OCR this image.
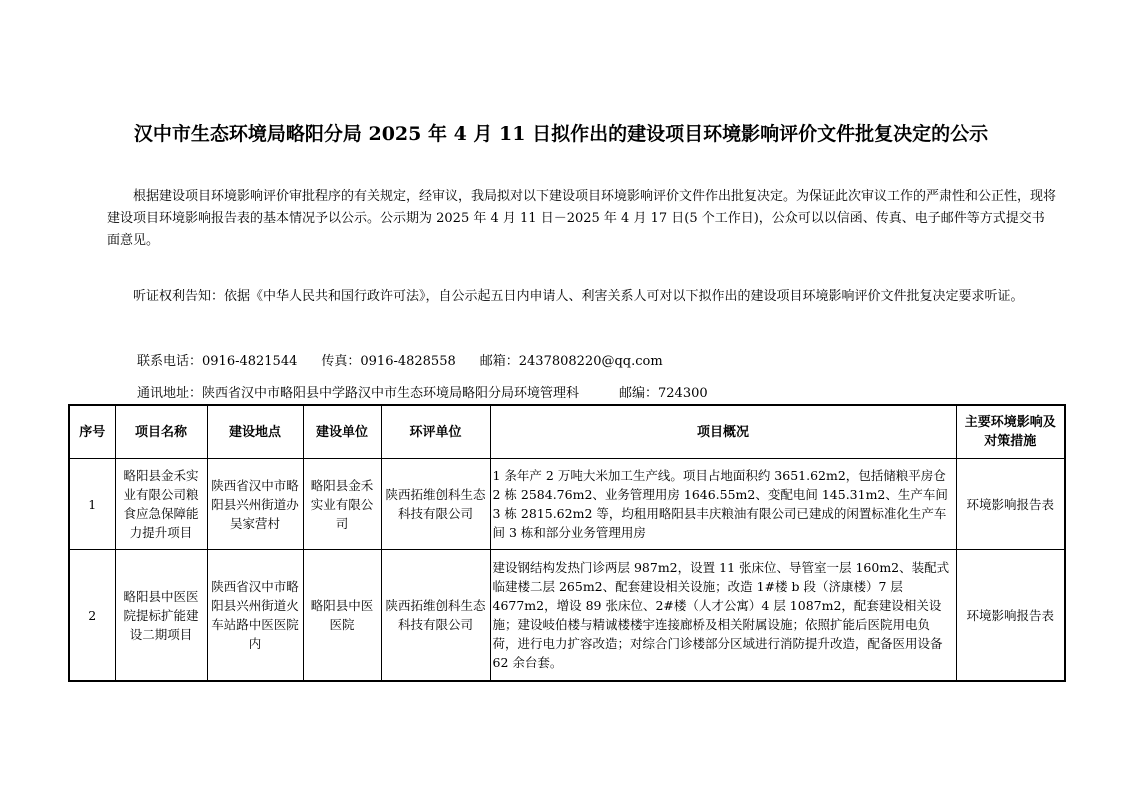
汉中市生态环境局略阳分局 2025 年 4 月 11 日拟作出的建设项目环境影响评价文件批复决定的公示
根据建设项目环境影响评价审批程序的有关规定，经审议，我局拟对以下建设项目环境影响评价文件作出批复决定。为保证此次审议工作的严肃性和公正性，现将建设项目环境影响报告表的基本情况予以公示。公示期为 2025 年 4 月 11 日－2025 年 4 月 17 日(5 个工作日)，公众可以以信函、传真、电子邮件等方式提交书面意见。
听证权利告知：依据《中华人民共和国行政许可法》，自公示起五日内申请人、利害关系人可对以下拟作出的建设项目环境影响评价文件批复决定要求听证。
联系电话：0916-4821544 传真：0916-4828558 邮箱：2437808220@qq.com
通讯地址：陕西省汉中市略阳县中学路汉中市生态环境局略阳分局环境管理科	邮编：724300
序号	项目名称	建设地点	建设单位	环评单位	项目概况	主要环境影响及对策措施
1	略阳县金禾实业有限公司粮食应急保障能力提升项目	陕西省汉中市略阳县兴州街道办吴家营村	略阳县金禾实业有限公司	陕西拓维创科生态科技有限公司	1 条年产 2 万吨大米加工生产线。项目占地面积约 3651.62m2，包括储粮平房仓 2 栋 2584.76m2、业务管理用房 1646.55m2、变配电间 145.31m2、生产车间 3 栋 2815.62m2 等，均租用略阳县丰庆粮油有限公司已建成的闲置标准化生产车间 3 栋和部分业务管理用房	环境影响报告表
2	略阳县中医医院提标扩能建设二期项目	陕西省汉中市略阳县兴州街道火车站路中医医院内	略阳县中医医院	陕西拓维创科生态科技有限公司	建设钢结构发热门诊两层 987m2，设置 11 张床位、导管室一层 160m2、装配式临建楼二层 265m2、配套建设相关设施；改造 1#楼 b 段（济康楼）7 层 4677m2，增设 89 张床位、2#楼（人才公寓）4 层 1087m2，配套建设相关设施；建设岐伯楼与精诚楼楼宇连接廊桥及相关附属设施；依照扩能后医院用电负荷，进行电力扩容改造；对综合门诊楼部分区域进行消防提升改造，配备医用设备 62 余台套。	环境影响报告表
